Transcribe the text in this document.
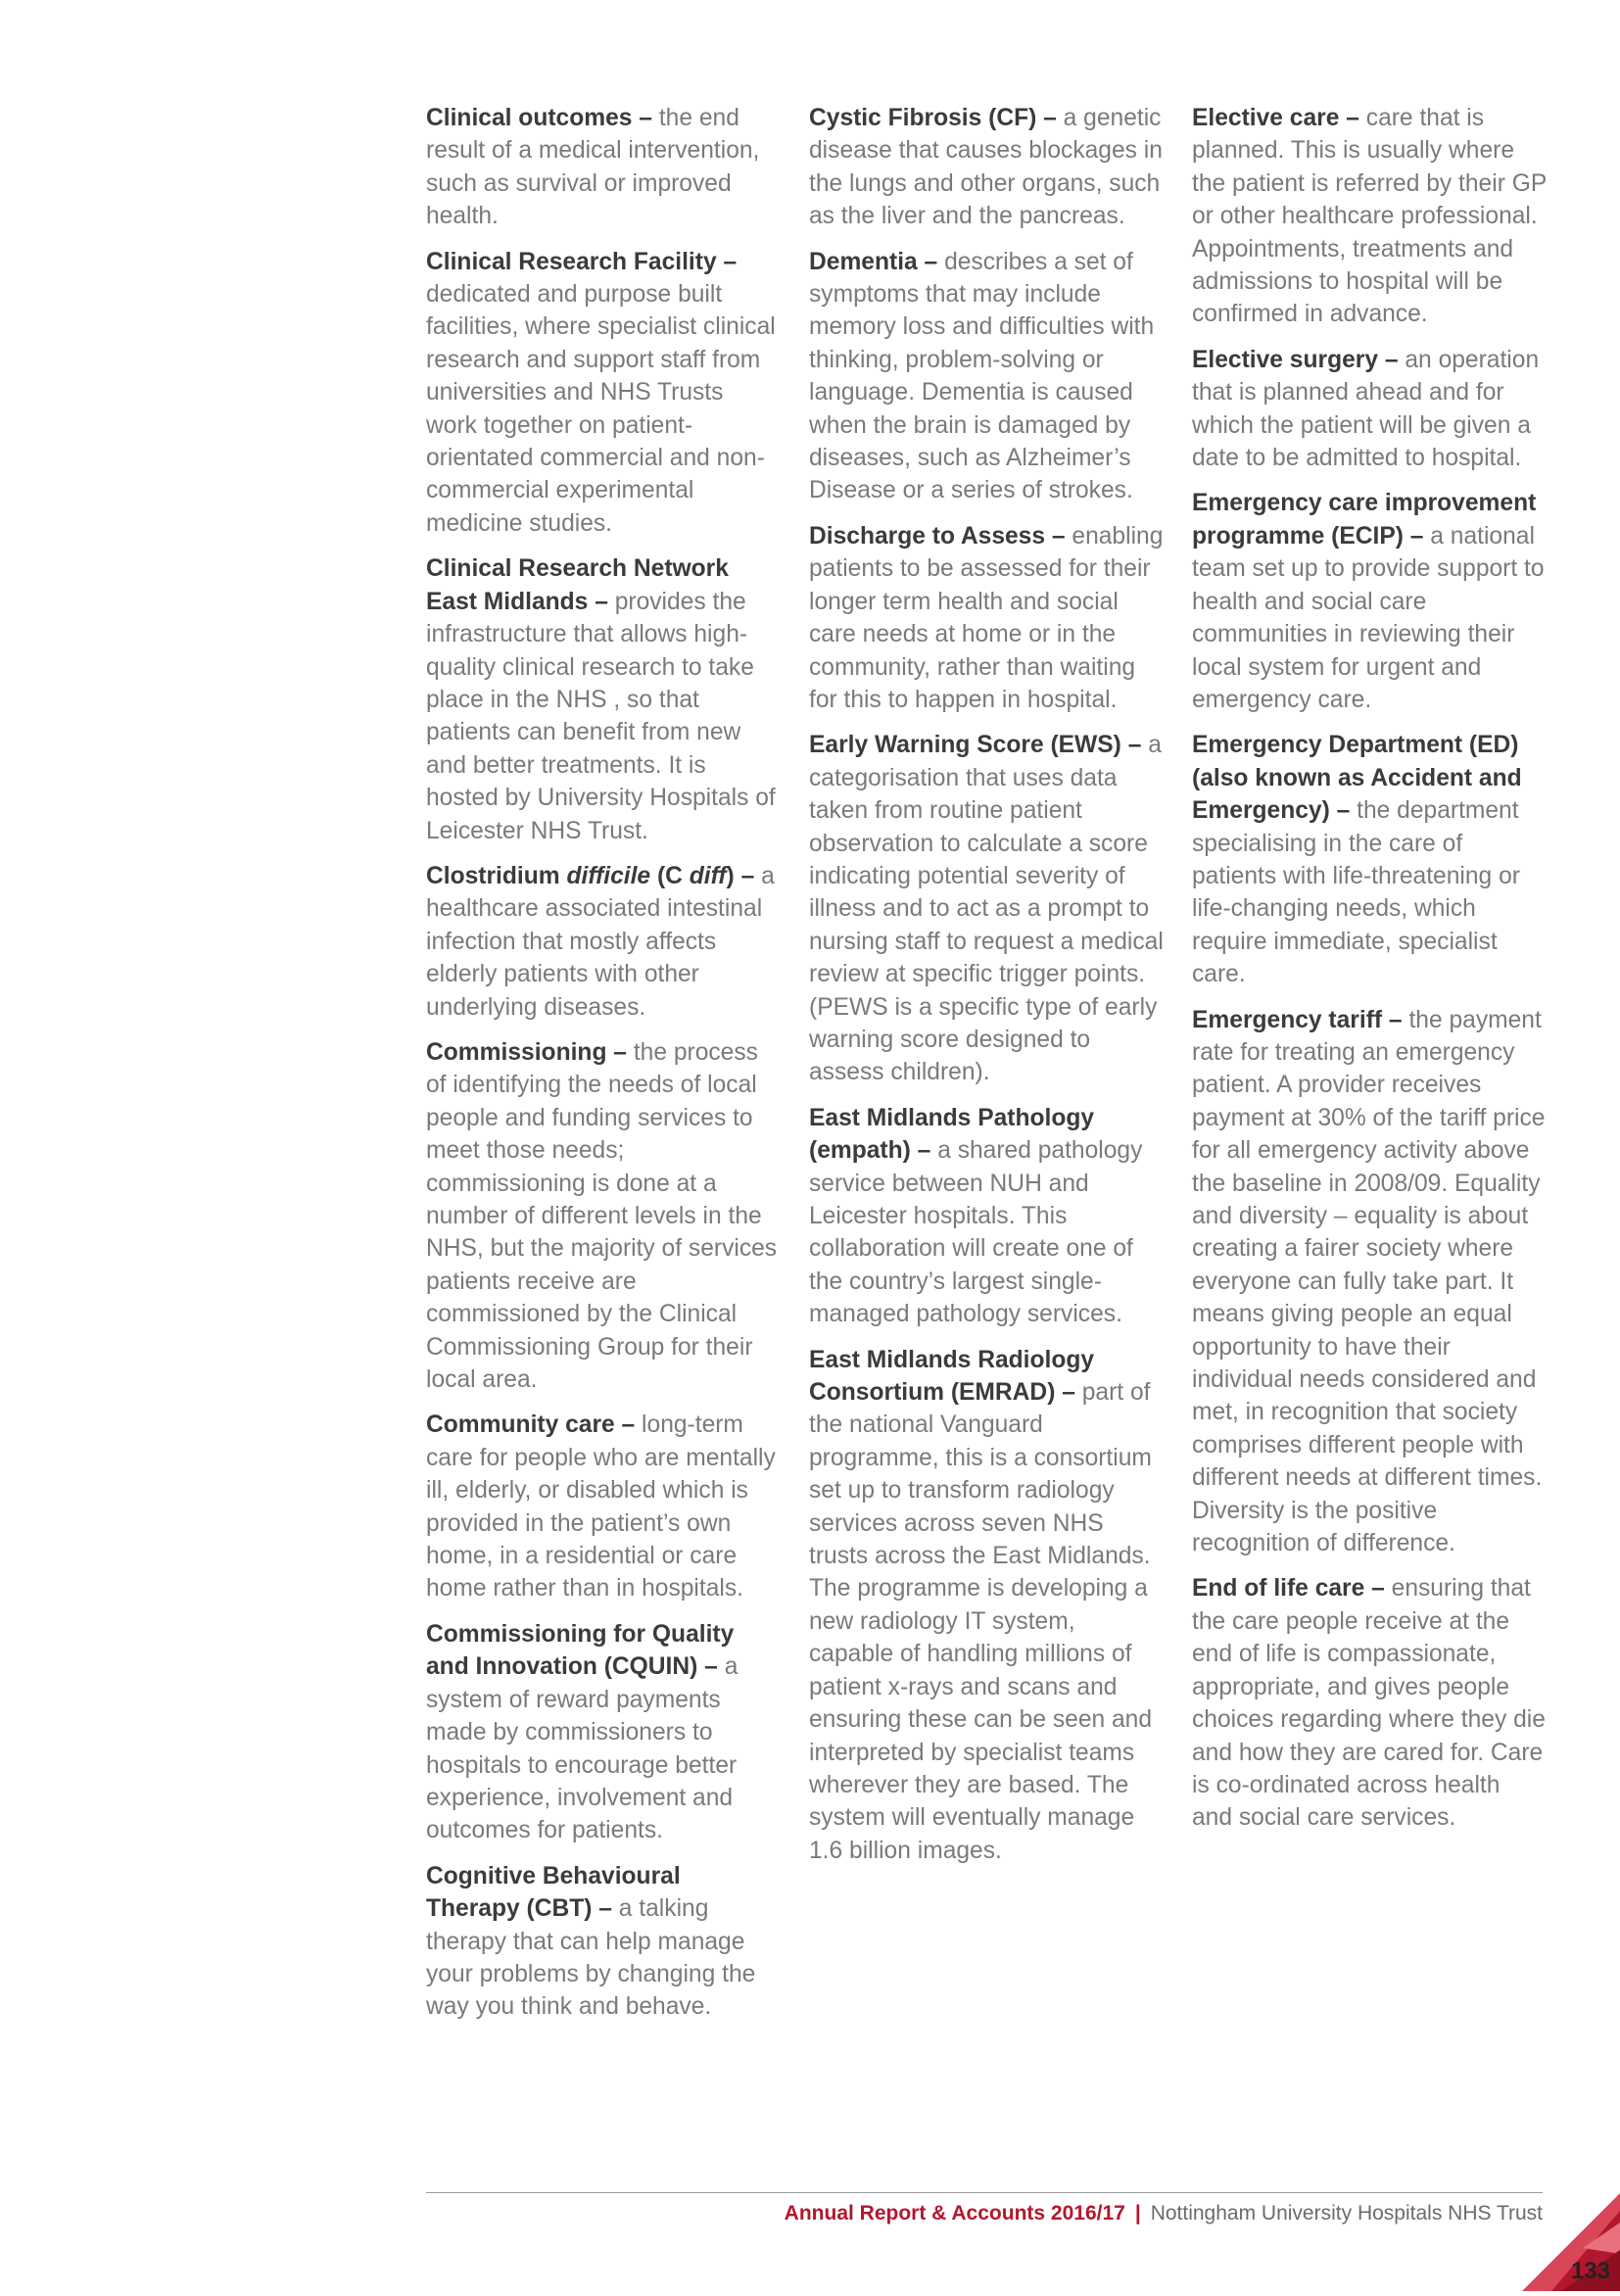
Clinical outcomes – the end result of a medical intervention, such as survival or improved health.

Clinical Research Facility – dedicated and purpose built facilities, where specialist clinical research and support staff from universities and NHS Trusts work together on patient-orientated commercial and non-commercial experimental medicine studies.

Clinical Research Network East Midlands – provides the infrastructure that allows high-quality clinical research to take place in the NHS , so that patients can benefit from new and better treatments. It is hosted by University Hospitals of Leicester NHS Trust.

Clostridium difficile (C diff) – a healthcare associated intestinal infection that mostly affects elderly patients with other underlying diseases.

Commissioning – the process of identifying the needs of local people and funding services to meet those needs; commissioning is done at a number of different levels in the NHS, but the majority of services patients receive are commissioned by the Clinical Commissioning Group for their local area.

Community care – long-term care for people who are mentally ill, elderly, or disabled which is provided in the patient’s own home, in a residential or care home rather than in hospitals.

Commissioning for Quality and Innovation (CQUIN) – a system of reward payments made by commissioners to hospitals to encourage better experience, involvement and outcomes for patients.

Cognitive Behavioural Therapy (CBT) – a talking therapy that can help manage your problems by changing the way you think and behave.

Cystic Fibrosis (CF) – a genetic disease that causes blockages in the lungs and other organs, such as the liver and the pancreas.

Dementia – describes a set of symptoms that may include memory loss and difficulties with thinking, problem-solving or language. Dementia is caused when the brain is damaged by diseases, such as Alzheimer’s Disease or a series of strokes.

Discharge to Assess – enabling patients to be assessed for their longer term health and social care needs at home or in the community, rather than waiting for this to happen in hospital.

Early Warning Score (EWS) – a categorisation that uses data taken from routine patient observation to calculate a score indicating potential severity of illness and to act as a prompt to nursing staff to request a medical review at specific trigger points. (PEWS is a specific type of early warning score designed to assess children).

East Midlands Pathology (empath) – a shared pathology service between NUH and Leicester hospitals. This collaboration will create one of the country’s largest single-managed pathology services.

East Midlands Radiology Consortium (EMRAD) – part of the national Vanguard programme, this is a consortium set up to transform radiology services across seven NHS trusts across the East Midlands. The programme is developing a new radiology IT system, capable of handling millions of patient x-rays and scans and ensuring these can be seen and interpreted by specialist teams wherever they are based. The system will eventually manage 1.6 billion images.

Elective care – care that is planned. This is usually where the patient is referred by their GP or other healthcare professional. Appointments, treatments and admissions to hospital will be confirmed in advance.

Elective surgery – an operation that is planned ahead and for which the patient will be given a date to be admitted to hospital.

Emergency care improvement programme (ECIP) – a national team set up to provide support to health and social care communities in reviewing their local system for urgent and emergency care.

Emergency Department (ED) (also known as Accident and Emergency) – the department specialising in the care of patients with life-threatening or life-changing needs, which require immediate, specialist care.

Emergency tariff – the payment rate for treating an emergency patient. A provider receives payment at 30% of the tariff price for all emergency activity above the baseline in 2008/09. Equality and diversity – equality is about creating a fairer society where everyone can fully take part. It means giving people an equal opportunity to have their individual needs considered and met, in recognition that society comprises different people with different needs at different times. Diversity is the positive recognition of difference.

End of life care – ensuring that the care people receive at the end of life is compassionate, appropriate, and gives people choices regarding where they die and how they are cared for. Care is co-ordinated across health and social care services.

Annual Report & Accounts 2016/17 | Nottingham University Hospitals NHS Trust
133
